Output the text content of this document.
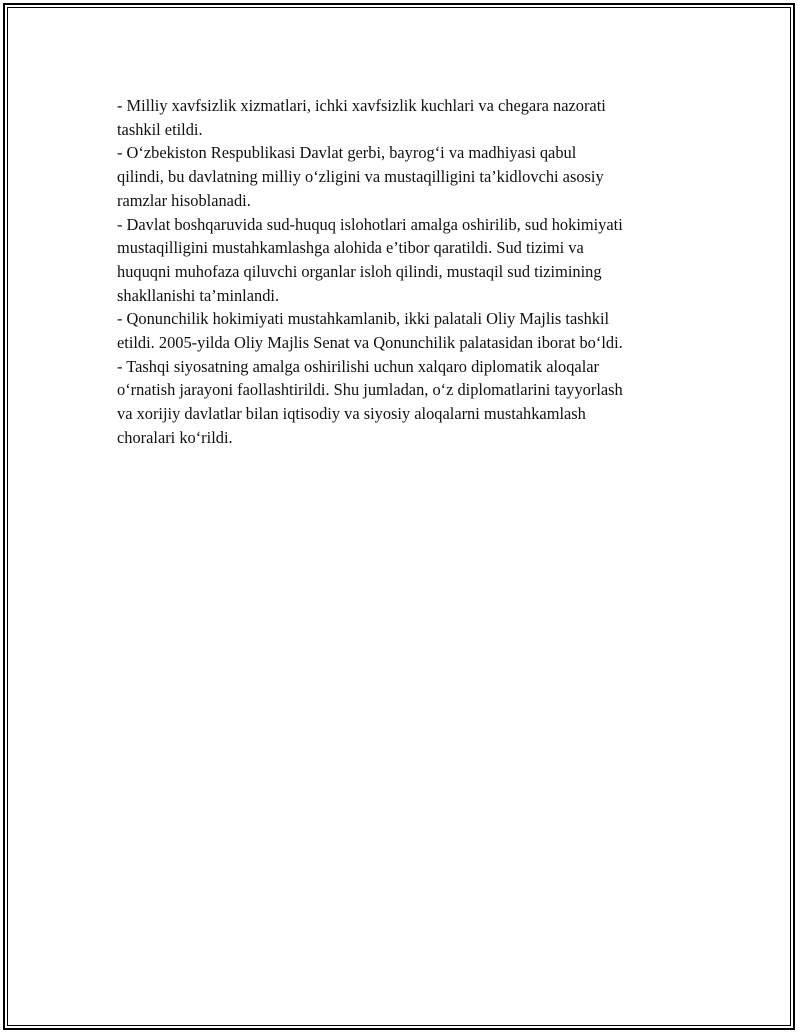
- Milliy xavfsizlik xizmatlari, ichki xavfsizlik kuchlari va chegara nazorati
tashkil etildi.

- O‘zbekiston Respublikasi Davlat gerbi, bayrog‘i va madhiyasi qabul
qilindi, bu davlatning milliy o‘zligini va mustaqilligini ta’kidlovchi asosiy
ramzlar hisoblanadi.

- Davlat boshqaruvida sud-huquq islohotlari amalga oshirilib, sud hokimiyati
mustaqilligini mustahkamlashga alohida e’tibor qaratildi. Sud tizimi va
huquqni muhofaza qiluvchi organlar isloh qilindi, mustaqil sud tizimining
shakllanishi ta’minlandi.

- Qonunchilik hokimiyati mustahkamlanib, ikki palatali Oliy Majlis tashkil
etildi. 2005-yilda Oliy Majlis Senat va Qonunchilik palatasidan iborat bo‘ldi.

- Tashqi siyosatning amalga oshirilishi uchun xalqaro diplomatik aloqalar
o‘rnatish jarayoni faollashtirildi. Shu jumladan, o‘z diplomatlarini tayyorlash
va xorijiy davlatlar bilan iqtisodiy va siyosiy aloqalarni mustahkamlash
choralari ko‘rildi.
